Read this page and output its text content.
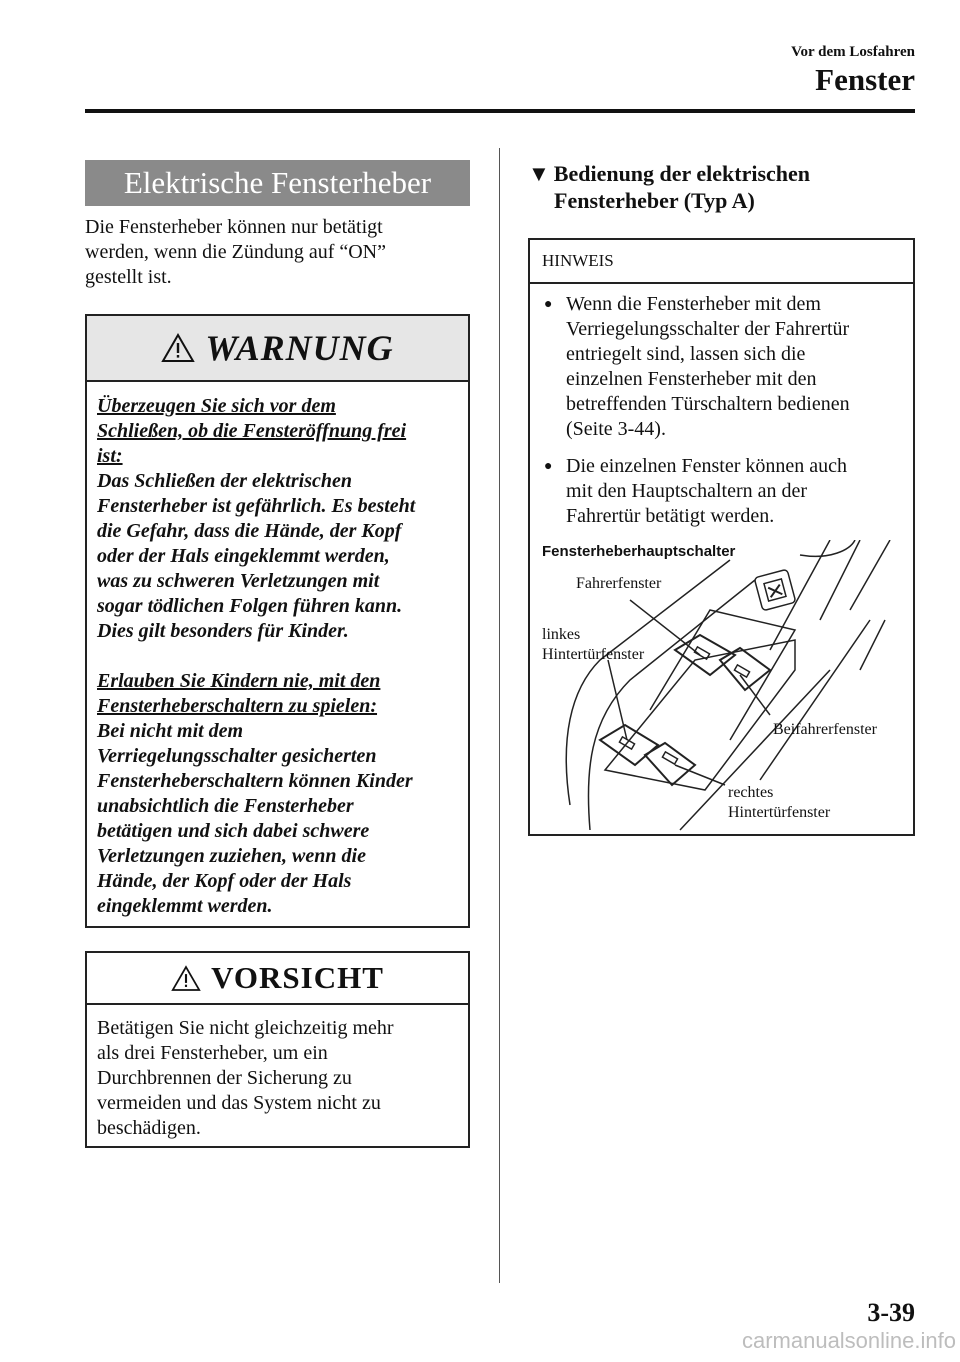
Vor dem Losfahren
Fenster
Elektrische Fensterheber
Die Fensterheber können nur betätigt
werden, wenn die Zündung auf “ON”
gestellt ist.
WARNUNG

Überzeugen Sie sich vor dem
Schließen, ob die Fensteröffnung frei
ist:

Das Schließen der elektrischen
Fensterheber ist gefährlich. Es besteht
die Gefahr, dass die Hände, der Kopf
oder der Hals eingeklemmt werden,
was zu schweren Verletzungen mit
sogar tödlichen Folgen führen kann.
Dies gilt besonders für Kinder.

Erlauben Sie Kindern nie, mit den
Fensterheberschaltern zu spielen:

Bei nicht mit dem
Verriegelungsschalter gesicherten
Fensterheberschaltern können Kinder
unabsichtlich die Fensterheber
betätigen und sich dabei schwere
Verletzungen zuziehen, wenn die
Hände, der Kopf oder der Hals
eingeklemmt werden.

VORSICHT
Betätigen Sie nicht gleichzeitig mehr
als drei Fensterheber, um ein
Durchbrennen der Sicherung zu
vermeiden und das System nicht zu
beschädigen.
▼ Bedienung der elektrischen
Fensterheber (Typ A)
HINWEIS
● Wenn die Fensterheber mit dem
Verriegelungsschalter der Fahrertür
entriegelt sind, lassen sich die
einzelnen Fensterheber mit den
betreffenden Türschaltern bedienen
(Seite 3-44).
● Die einzelnen Fenster können auch
mit den Hauptschaltern an der
Fahrertür betätigt werden.
Fensterheberhauptschalter
Fahrerfenster
linkes
Hintertürfenster
Beifahrerfenster
rechtes
Hintertürfenster
3-39
carmanualsonline.info
